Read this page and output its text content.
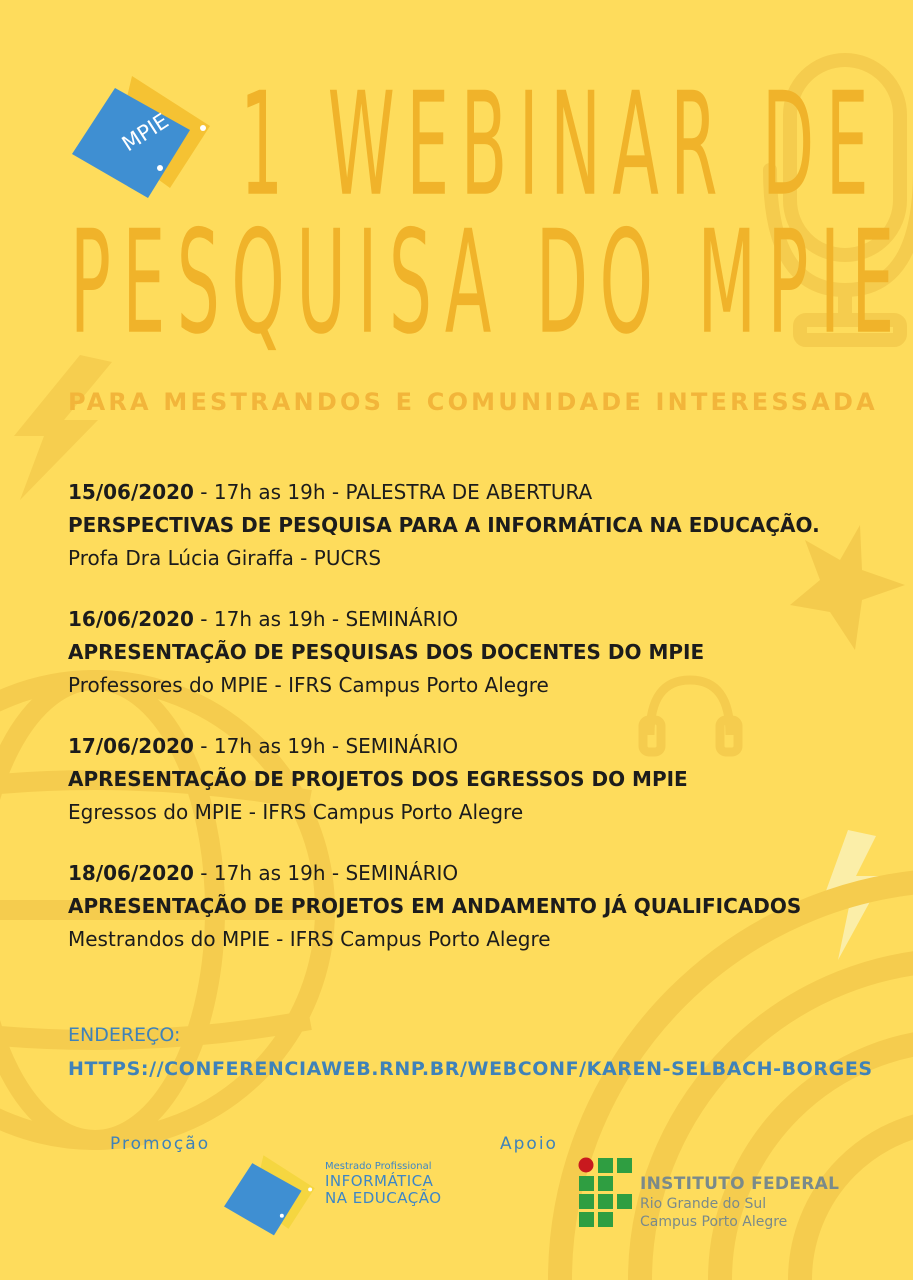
MPIE 1 WEBINAR DE
PESQUISA DO MPIE

PARA MESTRANDOS E COMUNIDADE INTERESSADA

15/06/2020 - 17h as 19h - PALESTRA DE ABERTURA
PERSPECTIVAS DE PESQUISA PARA A INFORMÁTICA NA EDUCAÇÃO.
Profa Dra Lúcia Giraffa - PUCRS
16/06/2020 - 17h as 19h - SEMINÁRIO
APRESENTAÇÃO DE PESQUISAS DOS DOCENTES DO MPIE
Professores do MPIE - IFRS Campus Porto Alegre
17/06/2020 - 17h as 19h - SEMINÁRIO
APRESENTAÇÃO DE PROJETOS DOS EGRESSOS DO MPIE
Egressos do MPIE - IFRS Campus Porto Alegre
18/06/2020 - 17h as 19h - SEMINÁRIO
APRESENTAÇÃO DE PROJETOS EM ANDAMENTO JÁ QUALIFICADOS
Mestrandos do MPIE - IFRS Campus Porto Alegre
ENDEREÇO:
HTTPS://CONFERENCIAWEB.RNP.BR/WEBCONF/KAREN-SELBACH-BORGES

Promoção	Apoio

Mestrado Profissional
INFORMÁTICA
NA EDUCAÇÃO
INSTITUTO FEDERAL
Rio Grande do Sul
Campus Porto Alegre
